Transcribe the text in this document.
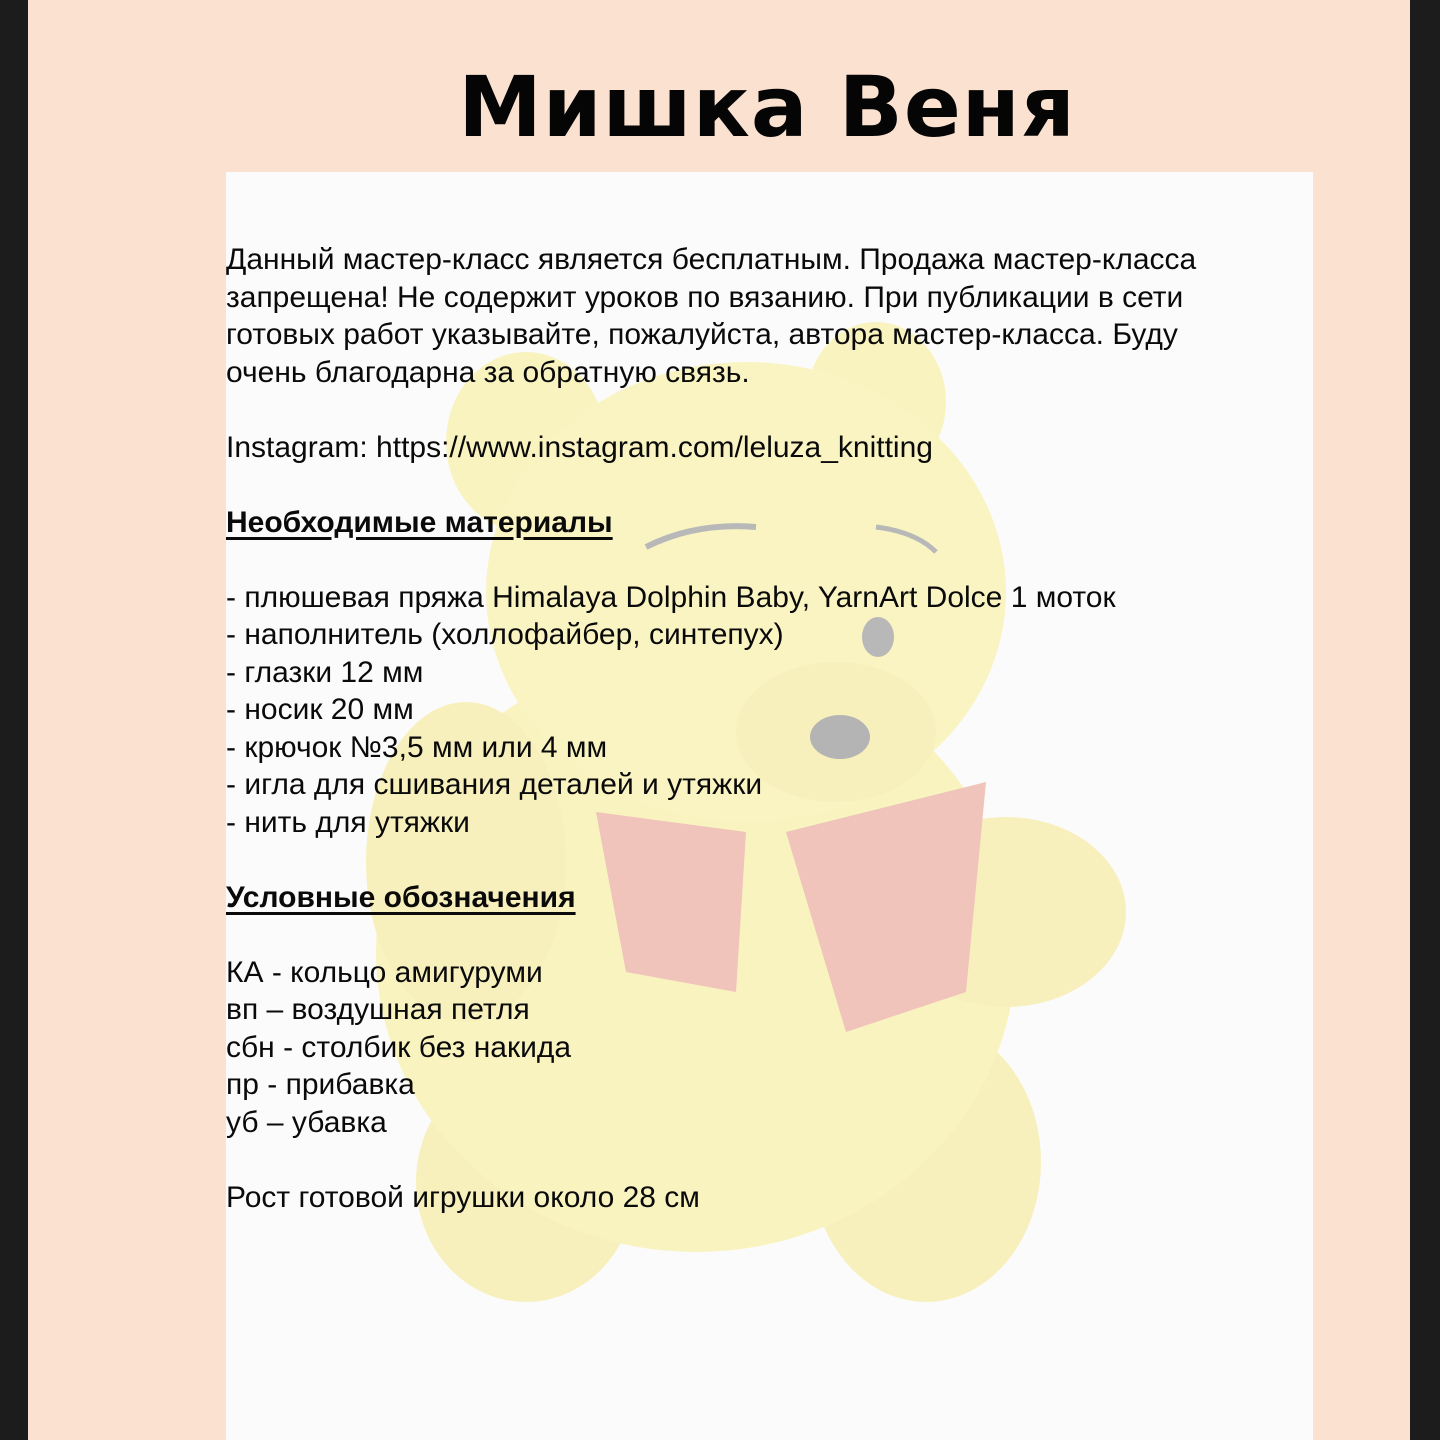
Мишка Веня

Данный мастер-класс является бесплатным. Продажа мастер-класса

запрещена! Не содержит уроков по вязанию. При публикации в сети

готовых работ указывайте, пожалуйста, автора мастер-класса. Буду

очень благодарна за обратную связь.

Instagram: https://www.instagram.com/leluza_knitting

Необходимые материалы

- плюшевая пряжа Himalaya Dolphin Baby, YarnArt Dolce 1 моток

- наполнитель (холлофайбер, синтепух)

- глазки 12 мм

- носик 20 мм

- крючок №3,5 мм или 4 мм

- игла для сшивания деталей и утяжки

- нить для утяжки

Условные обозначения

КА - кольцо амигуруми

вп – воздушная петля

сбн - столбик без накида

пр - прибавка

уб – убавка

Рост готовой игрушки около 28 см
